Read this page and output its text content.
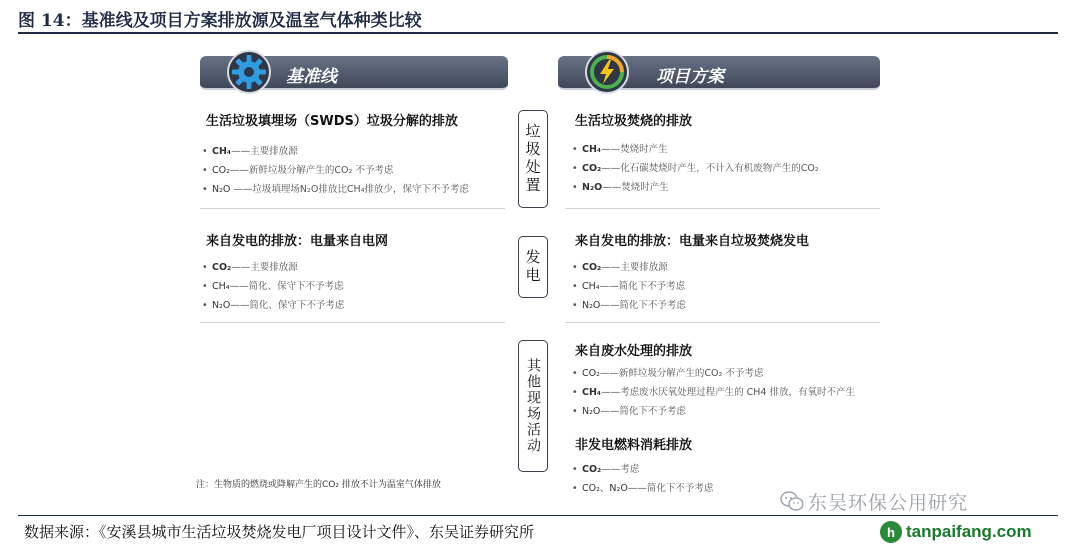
图 14：基准线及项目方案排放源及温室气体种类比较
基准线	项目方案
垃圾处置
发电
其他现场活动
生活垃圾填埋场（SWDS）垃圾分解的排放
• CH₄——主要排放源
• CO₂——新鲜垃圾分解产生的CO₂ 不予考虑
• N₂O ——垃圾填埋场N₂O排放比CH₄排放少，保守下不予考虑
来自发电的排放：电量来自电网
• CO₂——主要排放源
• CH₄——简化、保守下不予考虑
• N₂O——简化、保守下不予考虑
生活垃圾焚烧的排放
• CH₄——焚烧时产生
• CO₂——化石碳焚烧时产生，不计入有机废物产生的CO₂
• N₂O——焚烧时产生
来自发电的排放：电量来自垃圾焚烧发电
• CO₂——主要排放源
• CH₄——简化下不予考虑
• N₂O——简化下不予考虑
来自废水处理的排放
• CO₂——新鲜垃圾分解产生的CO₂ 不予考虑
• CH₄——考虑废水厌氧处理过程产生的 CH4 排放，有氧时不产生
• N₂O——简化下不予考虑
非发电燃料消耗排放
• CO₂——考虑
• CO₂、N₂O——简化下不予考虑
注：生物质的燃烧或降解产生的CO₂ 排放不计为温室气体排放
东吴环保公用研究
数据来源：《安溪县城市生活垃圾焚烧发电厂项目设计文件》、东吴证券研究所	h tanpaifang.com
